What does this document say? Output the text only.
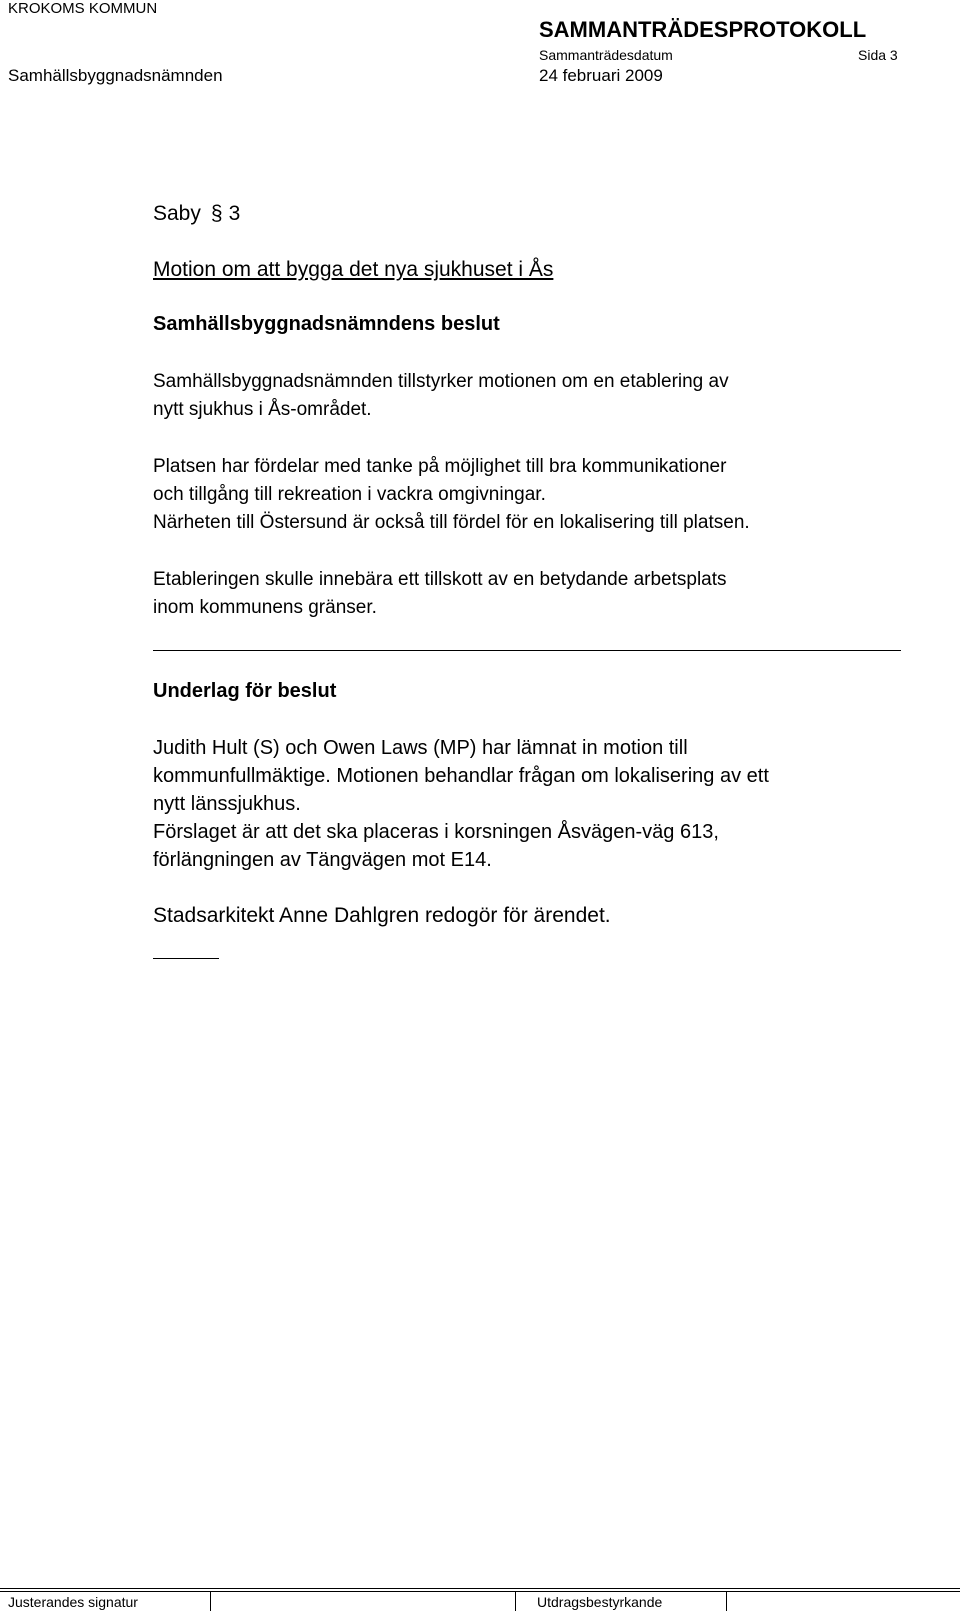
KROKOMS KOMMUN
SAMMANTRÄDESPROTOKOLL
Sammanträdesdatum	Sida 3
Samhällsbyggnadsnämnden	24 februari 2009
Saby § 3
Motion om att bygga det nya sjukhuset i Ås
Samhällsbyggnadsnämndens beslut

Samhällsbyggnadsnämnden tillstyrker motionen om en etablering av

nytt sjukhus i Ås-området.

Platsen har fördelar med tanke på möjlighet till bra kommunikationer

och tillgång till rekreation i vackra omgivningar.

Närheten till Östersund är också till fördel för en lokalisering till platsen.

Etableringen skulle innebära ett tillskott av en betydande arbetsplats

inom kommunens gränser.

Underlag för beslut

Judith Hult (S) och Owen Laws (MP) har lämnat in motion till

kommunfullmäktige. Motionen behandlar frågan om lokalisering av ett

nytt länssjukhus.

Förslaget är att det ska placeras i korsningen Åsvägen-väg 613,

förlängningen av Tängvägen mot E14.

Stadsarkitekt Anne Dahlgren redogör för ärendet.
Justerandes signatur	Utdragsbestyrkande
